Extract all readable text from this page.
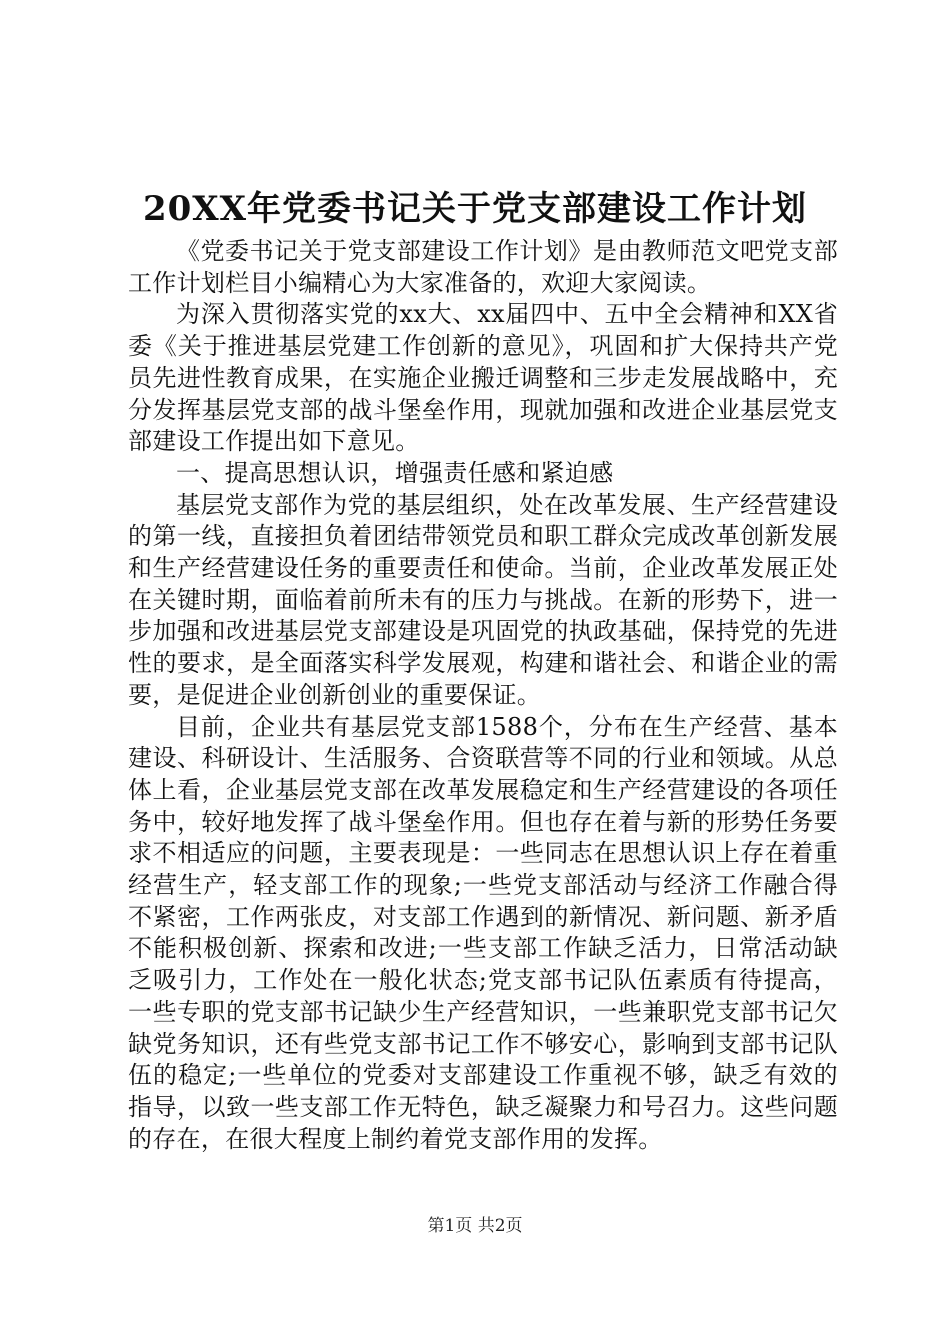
20XX年党委书记关于党支部建设工作计划

《党委书记关于党支部建设工作计划》是由教师范文吧党支部工作计划栏目小编精心为大家准备的，欢迎大家阅读。

为深入贯彻落实党的xx大、xx届四中、五中全会精神和XX省委《关于推进基层党建工作创新的意见》，巩固和扩大保持共产党员先进性教育成果，在实施企业搬迁调整和三步走发展战略中，充分发挥基层党支部的战斗堡垒作用，现就加强和改进企业基层党支部建设工作提出如下意见。

一、提高思想认识，增强责任感和紧迫感

基层党支部作为党的基层组织，处在改革发展、生产经营建设的第一线，直接担负着团结带领党员和职工群众完成改革创新发展和生产经营建设任务的重要责任和使命。当前，企业改革发展正处在关键时期，面临着前所未有的压力与挑战。在新的形势下，进一步加强和改进基层党支部建设是巩固党的执政基础，保持党的先进性的要求，是全面落实科学发展观，构建和谐社会、和谐企业的需要，是促进企业创新创业的重要保证。

目前，企业共有基层党支部1588个，分布在生产经营、基本建设、科研设计、生活服务、合资联营等不同的行业和领域。从总体上看，企业基层党支部在改革发展稳定和生产经营建设的各项任务中，较好地发挥了战斗堡垒作用。但也存在着与新的形势任务要求不相适应的问题，主要表现是：一些同志在思想认识上存在着重经营生产，轻支部工作的现象;一些党支部活动与经济工作融合得不紧密，工作两张皮，对支部工作遇到的新情况、新问题、新矛盾不能积极创新、探索和改进;一些支部工作缺乏活力，日常活动缺乏吸引力，工作处在一般化状态;党支部书记队伍素质有待提高，一些专职的党支部书记缺少生产经营知识，一些兼职党支部书记欠缺党务知识，还有些党支部书记工作不够安心，影响到支部书记队伍的稳定;一些单位的党委对支部建设工作重视不够，缺乏有效的指导，以致一些支部工作无特色，缺乏凝聚力和号召力。这些问题的存在，在很大程度上制约着党支部作用的发挥。

第1页 共2页
